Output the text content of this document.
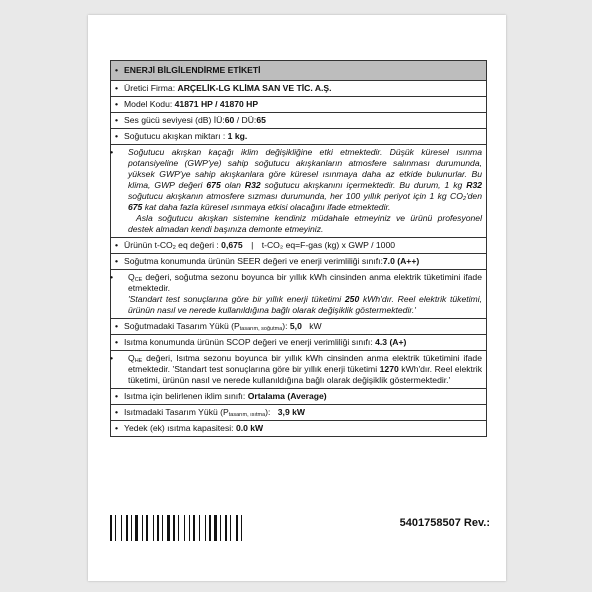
• ENERJİ BİLGİLENDİRME ETİKETİ
• Üretici Firma: ARÇELİK-LG KLİMA SAN VE TİC. A.Ş.
• Model Kodu: 41871 HP / 41870 HP
• Ses gücü seviyesi (dB) İÜ:60 / DÜ:65
• Soğutucu akışkan miktarı : 1 kg.

• Soğutucu akışkan kaçağı iklim değişikliğine etki etmektedir. Düşük küresel ısınma potansiyeline (GWP'ye) sahip soğutucu akışkanların atmosfere salınması durumunda, yüksek GWP'ye sahip akışkanlara göre küresel ısınmaya daha az etkide bulunurlar. Bu klima, GWP değeri 675 olan R32 soğutucu akışkanını içermektedir. Bu durum, 1 kg R32 soğutucu akışkanın atmosfere sızması durumunda, her 100 yıllık periyot için 1 kg $CO_2'den$ 675 kat daha fazla küresel ısınmaya etkisi olacağını ifade etmektedir.

Asla soğutucu akışkan sistemine kendiniz müdahale etmeyiniz ve ürünü profesyonel destek almadan kendi başınıza demonte etmeyiniz.

• Ürünün $t-CO_2$ eq değeri : 0,675 | t-CO₂ eq=F-gas (kg) x GWP / 1000
• Soğutma konumunda ürünün SEER değeri ve enerji verimliliği sınıfı:7.0 (A++)

• $Q_{CE}$ değeri, soğutma sezonu boyunca bir yıllık kWh cinsinden anma elektrik tüketimini ifade etmektedir.

'Standart test sonuçlarına göre bir yıllık enerji tüketimi 250 kWh'dır. Reel elektrik tüketimi, ürünün nasıl ve nerede kullanıldığına bağlı olarak değişiklik göstermektedir.'

• Soğutmadaki Tasarım Yükü $(P_{tasarım, soğutma})$: 5,0 kW
• Isıtma konumunda ürünün SCOP değeri ve enerji verimliliği sınıfı: 4.3 (A+)

• $Q_{HE}$ değeri, Isıtma sezonu boyunca bir yıllık kWh cinsinden anma elektrik tüketimini ifade etmektedir. 'Standart test sonuçlarına göre bir yıllık enerji tüketimi 1270 kWh'dır. Reel elektrik tüketimi, ürünün nasıl ve nerede kullanıldığına bağlı olarak değişiklik göstermektedir.'

• Isıtma için belirlenen iklim sınıfı: Ortalama (Average)
• Isıtmadaki Tasarım Yükü $(P_{tasarım, ısıtma})$: 3,9 kW
• Yedek (ek) ısıtma kapasitesi: 0.0 kW
5401758507 Rev.:
